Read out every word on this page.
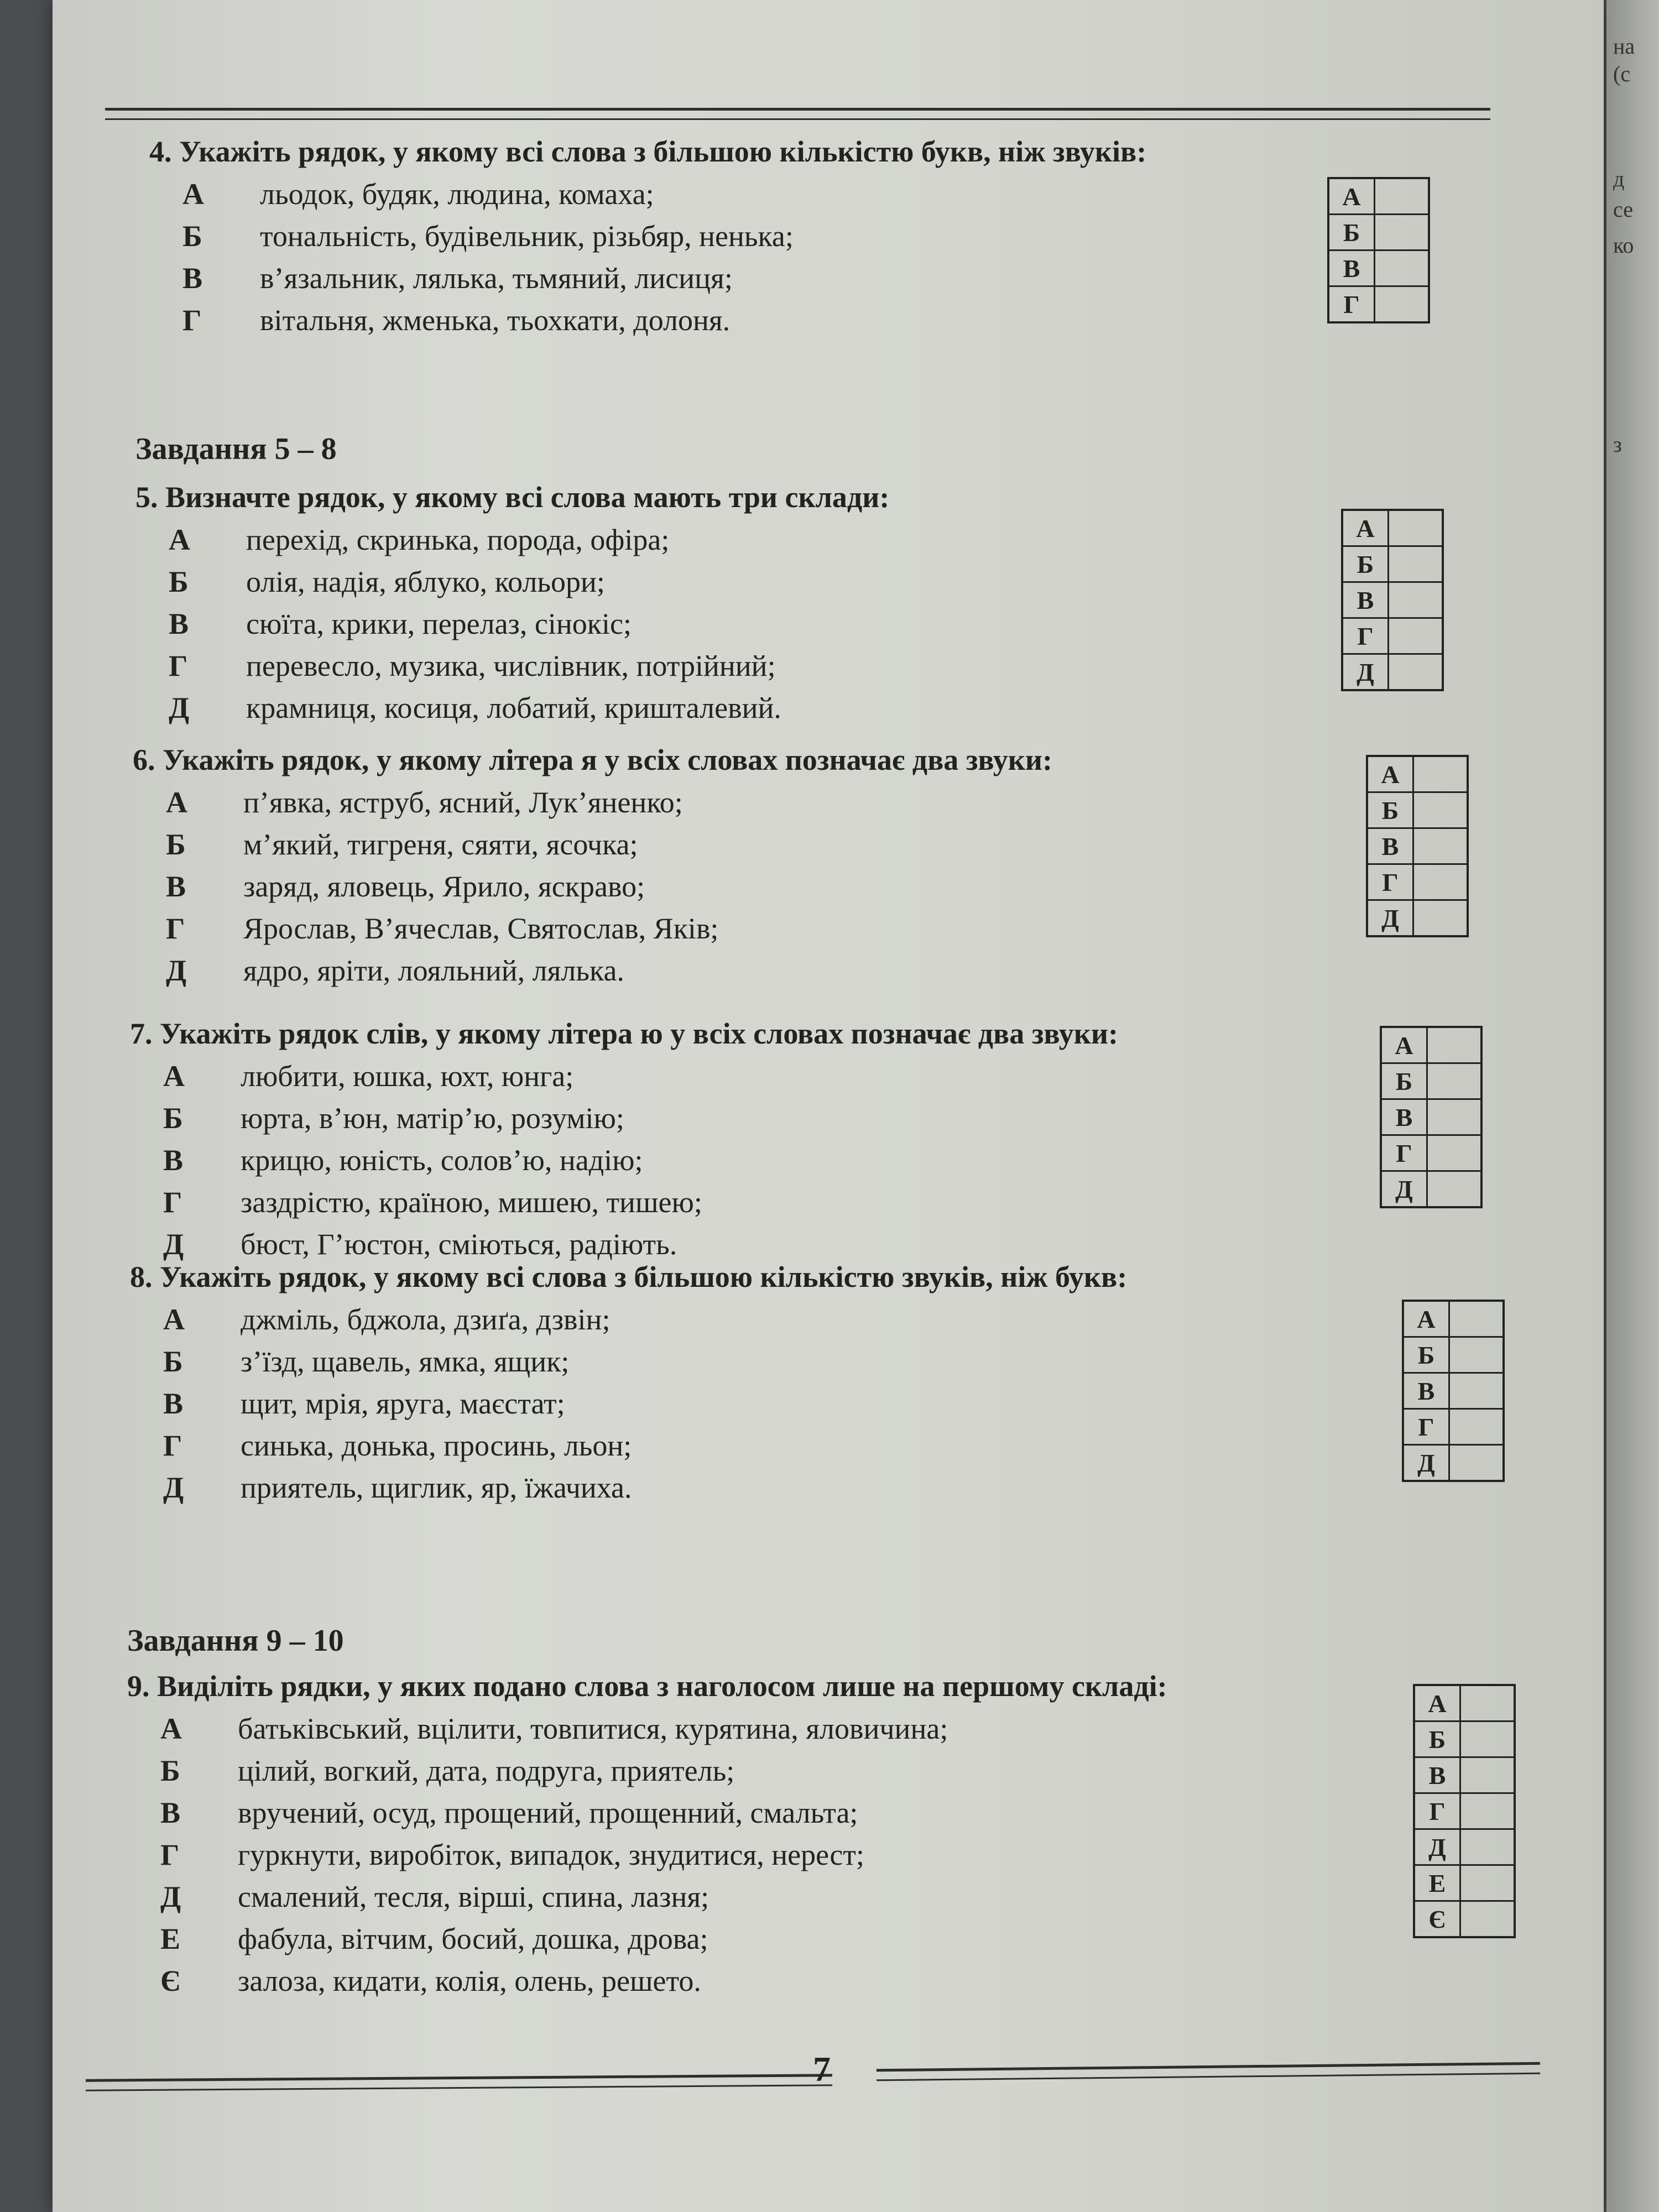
4. Укажіть рядок, у якому всі слова з більшою кількістю букв, ніж звуків:

А	льодок, будяк, людина, комаха;
Б	тональність, будівельник, різьбяр, ненька;
В	в’язальник, лялька, тьмяний, лисиця;
Г	вітальня, жменька, тьохкати, долоня.
А	
Б	
В	
Г	
Завдання 5 – 8

5. Визначте рядок, у якому всі слова мають три склади:

А	перехід, скринька, порода, офіра;
Б	олія, надія, яблуко, кольори;
В	сюїта, крики, перелаз, сінокіс;
Г	перевесло, музика, числівник, потрійний;
Д	крамниця, косиця, лобатий, кришталевий.
А	
Б	
В	
Г	
Д	

6. Укажіть рядок, у якому літера я у всіх словах позначає два звуки:

А	п’явка, яструб, ясний, Лук’яненко;
Б	м’який, тигреня, сяяти, ясочка;
В	заряд, яловець, Ярило, яскраво;
Г	Ярослав, В’ячеслав, Святослав, Яків;
Д	ядро, яріти, лояльний, лялька.
А	
Б	
В	
Г	
Д	

7. Укажіть рядок слів, у якому літера ю у всіх словах позначає два звуки:

А	любити, юшка, юхт, юнга;
Б	юрта, в’юн, матір’ю, розумію;
В	крицю, юність, солов’ю, надію;
Г	заздрістю, країною, мишею, тишею;
Д	бюст, Г’юстон, сміються, радіють.
А	
Б	
В	
Г	
Д	

8. Укажіть рядок, у якому всі слова з більшою кількістю звуків, ніж букв:

А	джміль, бджола, дзиґа, дзвін;
Б	з’їзд, щавель, ямка, ящик;
В	щит, мрія, яруга, маєстат;
Г	синька, донька, просинь, льон;
Д	приятель, щиглик, яр, їжачиха.
А	
Б	
В	
Г	
Д	
Завдання 9 – 10

9. Виділіть рядки, у яких подано слова з наголосом лише на першому складі:

А	батьківський, вцілити, товпитися, курятина, яловичина;
Б	цілий, вогкий, дата, подруга, приятель;
В	вручений, осуд, прощений, прощенний, смальта;
Г	гуркнути, виробіток, випадок, знудитися, нерест;
Д	смалений, тесля, вірші, спина, лазня;
Е	фабула, вітчим, босий, дошка, дрова;
Є	залоза, кидати, колія, олень, решето.
А	
Б	
В	
Г	
Д	
Е	
Є	
7
на
(с
д
се
ко
з
